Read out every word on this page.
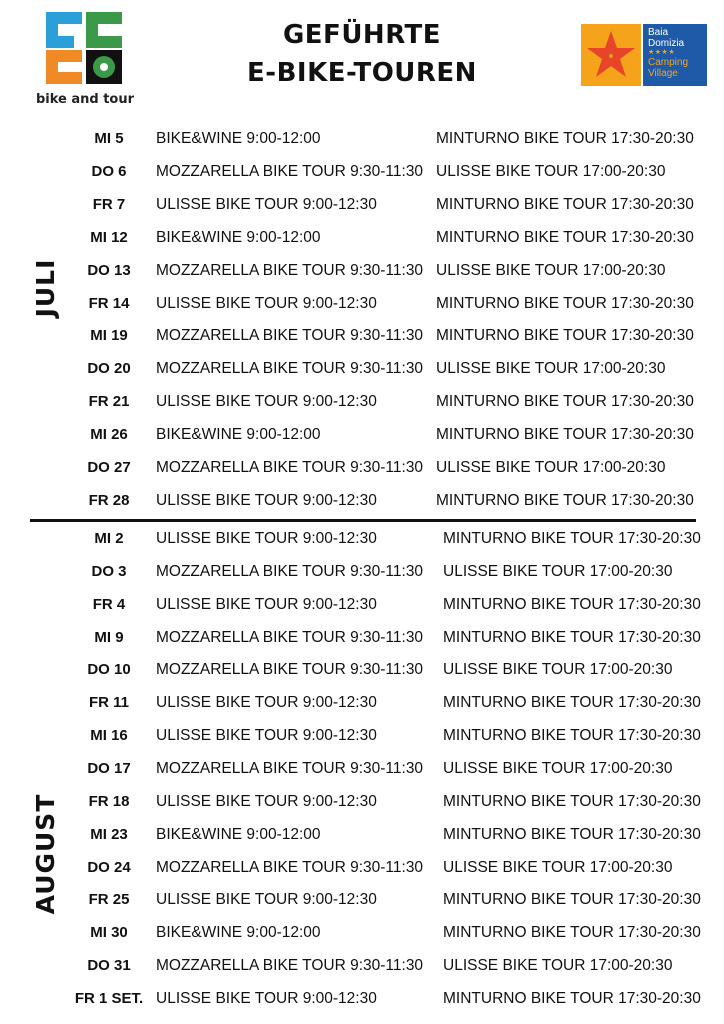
bike and tour
GEFÜHRTE
E-BIKE-TOUREN
Baia
Domizia
★★★★
Camping
Village
JULI
AUGUST
MI 5	BIKE&WINE 9:00-12:00	MINTURNO BIKE TOUR 17:30-20:30
DO 6	MOZZARELLA BIKE TOUR 9:30-11:30 ULISSE BIKE TOUR 17:00-20:30
FR 7	ULISSE BIKE TOUR 9:00-12:30	MINTURNO BIKE TOUR 17:30-20:30
MI 12	BIKE&WINE 9:00-12:00	MINTURNO BIKE TOUR 17:30-20:30
DO 13	MOZZARELLA BIKE TOUR 9:30-11:30 ULISSE BIKE TOUR 17:00-20:30
FR 14	ULISSE BIKE TOUR 9:00-12:30	MINTURNO BIKE TOUR 17:30-20:30
MI 19	MOZZARELLA BIKE TOUR 9:30-11:30 MINTURNO BIKE TOUR 17:30-20:30
DO 20	MOZZARELLA BIKE TOUR 9:30-11:30 ULISSE BIKE TOUR 17:00-20:30
FR 21	ULISSE BIKE TOUR 9:00-12:30	MINTURNO BIKE TOUR 17:30-20:30
MI 26	BIKE&WINE 9:00-12:00	MINTURNO BIKE TOUR 17:30-20:30
DO 27	MOZZARELLA BIKE TOUR 9:30-11:30 ULISSE BIKE TOUR 17:00-20:30
FR 28	ULISSE BIKE TOUR 9:00-12:30	MINTURNO BIKE TOUR 17:30-20:30
MI 2	ULISSE BIKE TOUR 9:00-12:30	MINTURNO BIKE TOUR 17:30-20:30
DO 3	MOZZARELLA BIKE TOUR 9:30-11:30 ULISSE BIKE TOUR 17:00-20:30
FR 4	ULISSE BIKE TOUR 9:00-12:30	MINTURNO BIKE TOUR 17:30-20:30
MI 9	MOZZARELLA BIKE TOUR 9:30-11:30 MINTURNO BIKE TOUR 17:30-20:30
DO 10	MOZZARELLA BIKE TOUR 9:30-11:30 ULISSE BIKE TOUR 17:00-20:30
FR 11	ULISSE BIKE TOUR 9:00-12:30	MINTURNO BIKE TOUR 17:30-20:30
MI 16	ULISSE BIKE TOUR 9:00-12:30	MINTURNO BIKE TOUR 17:30-20:30
DO 17	MOZZARELLA BIKE TOUR 9:30-11:30 ULISSE BIKE TOUR 17:00-20:30
FR 18	ULISSE BIKE TOUR 9:00-12:30	MINTURNO BIKE TOUR 17:30-20:30
MI 23	BIKE&WINE 9:00-12:00	MINTURNO BIKE TOUR 17:30-20:30
DO 24	MOZZARELLA BIKE TOUR 9:30-11:30 ULISSE BIKE TOUR 17:00-20:30
FR 25	ULISSE BIKE TOUR 9:00-12:30	MINTURNO BIKE TOUR 17:30-20:30
MI 30	BIKE&WINE 9:00-12:00	MINTURNO BIKE TOUR 17:30-20:30
DO 31	MOZZARELLA BIKE TOUR 9:30-11:30 ULISSE BIKE TOUR 17:00-20:30
FR 1 SET. ULISSE BIKE TOUR 9:00-12:30	MINTURNO BIKE TOUR 17:30-20:30
